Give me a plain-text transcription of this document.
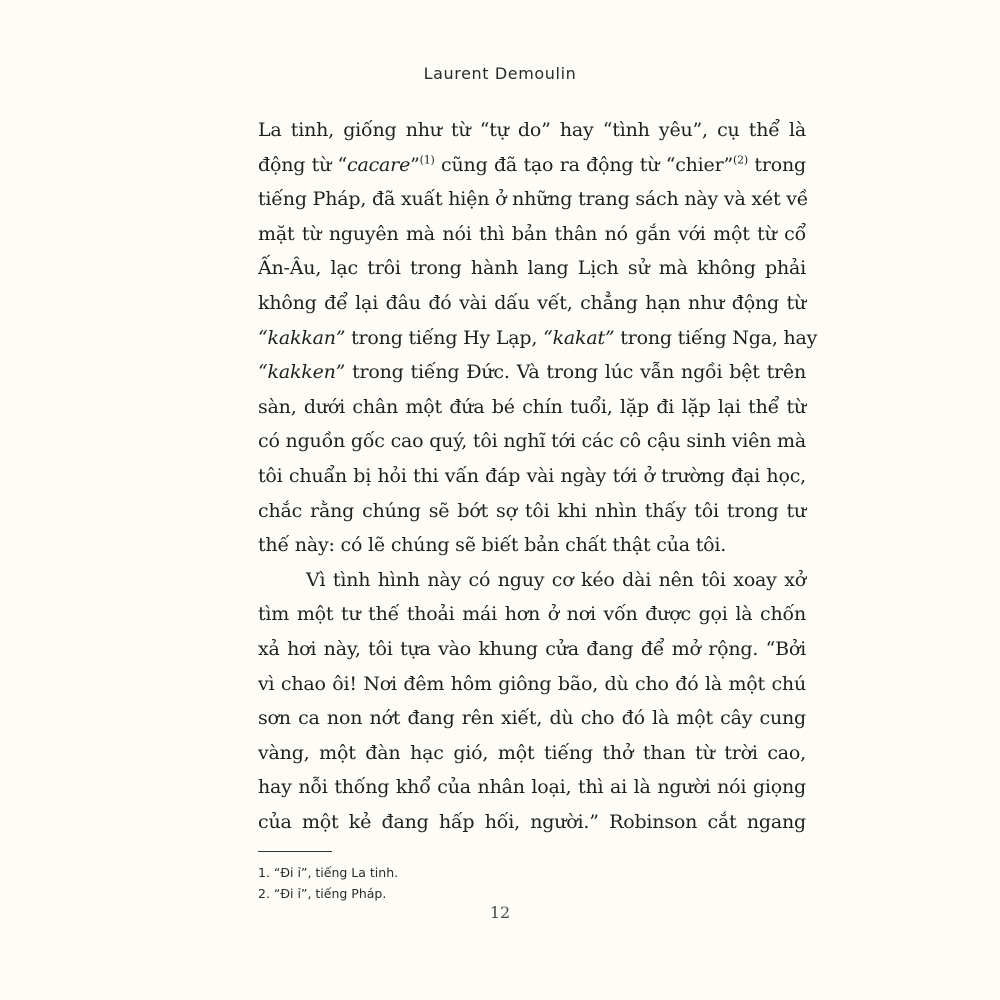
Laurent Demoulin
La tinh, giống như từ “tự do” hay “tình yêu”, cụ thể là
động từ “cacare”$^{(1)}$ cũng đã tạo ra động từ “chier”$^{(2)}$ trong
tiếng Pháp, đã xuất hiện ở những trang sách này và xét về
mặt từ nguyên mà nói thì bản thân nó gắn với một từ cổ
Ấn-Âu, lạc trôi trong hành lang Lịch sử mà không phải
không để lại đâu đó vài dấu vết, chẳng hạn như động từ
“kakkan” trong tiếng Hy Lạp, “kakat” trong tiếng Nga, hay
“kakken” trong tiếng Đức. Và trong lúc vẫn ngồi bệt trên
sàn, dưới chân một đứa bé chín tuổi, lặp đi lặp lại thể từ
có nguồn gốc cao quý, tôi nghĩ tới các cô cậu sinh viên mà
tôi chuẩn bị hỏi thi vấn đáp vài ngày tới ở trường đại học,
chắc rằng chúng sẽ bớt sợ tôi khi nhìn thấy tôi trong tư
thế này: có lẽ chúng sẽ biết bản chất thật của tôi.
Vì tình hình này có nguy cơ kéo dài nên tôi xoay xở
tìm một tư thế thoải mái hơn ở nơi vốn được gọi là chốn
xả hơi này, tôi tựa vào khung cửa đang để mở rộng. “Bởi
vì chao ôi! Nơi đêm hôm giông bão, dù cho đó là một chú
sơn ca non nớt đang rên xiết, dù cho đó là một cây cung
vàng, một đàn hạc gió, một tiếng thở than từ trời cao,
hay nỗi thống khổ của nhân loại, thì ai là người nói giọng
của một kẻ đang hấp hối, người.” Robinson cắt ngang
1. “Đi ỉ”, tiếng La tinh.
2. “Đi ỉ”, tiếng Pháp.
12
